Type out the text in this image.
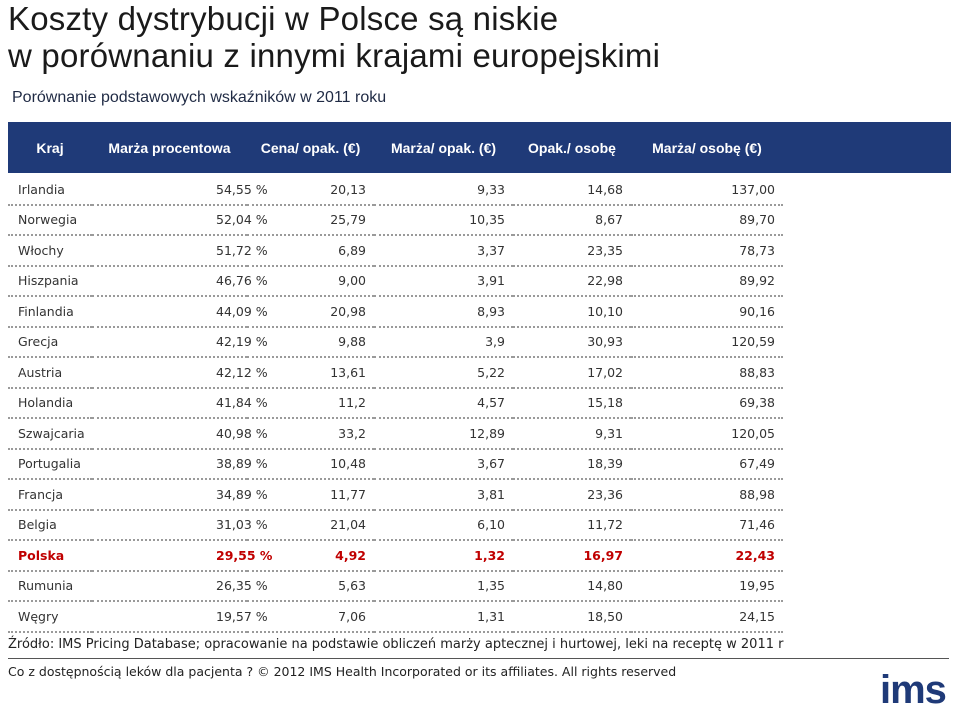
Koszty dystrybucji w Polsce są niskie
w porównaniu z innymi krajami europejskimi
Porównanie podstawowych wskaźników w 2011 roku
Kraj	Marża procentowa	Cena/ opak. (€)	Marża/ opak. (€)	Opak./ osobę	Marża/ osobę (€)
Irlandia	54,55 %	20,13	9,33	14,68	137,00
Norwegia	52,04 %	25,79	10,35	8,67	89,70
Włochy	51,72 %	6,89	3,37	23,35	78,73
Hiszpania	46,76 %	9,00	3,91	22,98	89,92
Finlandia	44,09 %	20,98	8,93	10,10	90,16
Grecja	42,19 %	9,88	3,9	30,93	120,59
Austria	42,12 %	13,61	5,22	17,02	88,83
Holandia	41,84 %	11,2	4,57	15,18	69,38
Szwajcaria	40,98 %	33,2	12,89	9,31	120,05
Portugalia	38,89 %	10,48	3,67	18,39	67,49
Francja	34,89 %	11,77	3,81	23,36	88,98
Belgia	31,03 %	21,04	6,10	11,72	71,46
Polska	29,55 %	4,92	1,32	16,97	22,43
Rumunia	26,35 %	5,63	1,35	14,80	19,95
Węgry	19,57 %	7,06	1,31	18,50	24,15
Źródło: IMS Pricing Database; opracowanie na podstawie obliczeń marży aptecznej i hurtowej, leki na receptę w 2011 r
Co z dostępnością leków dla pacjenta ? © 2012 IMS Health Incorporated or its affiliates. All rights reserved	ims
